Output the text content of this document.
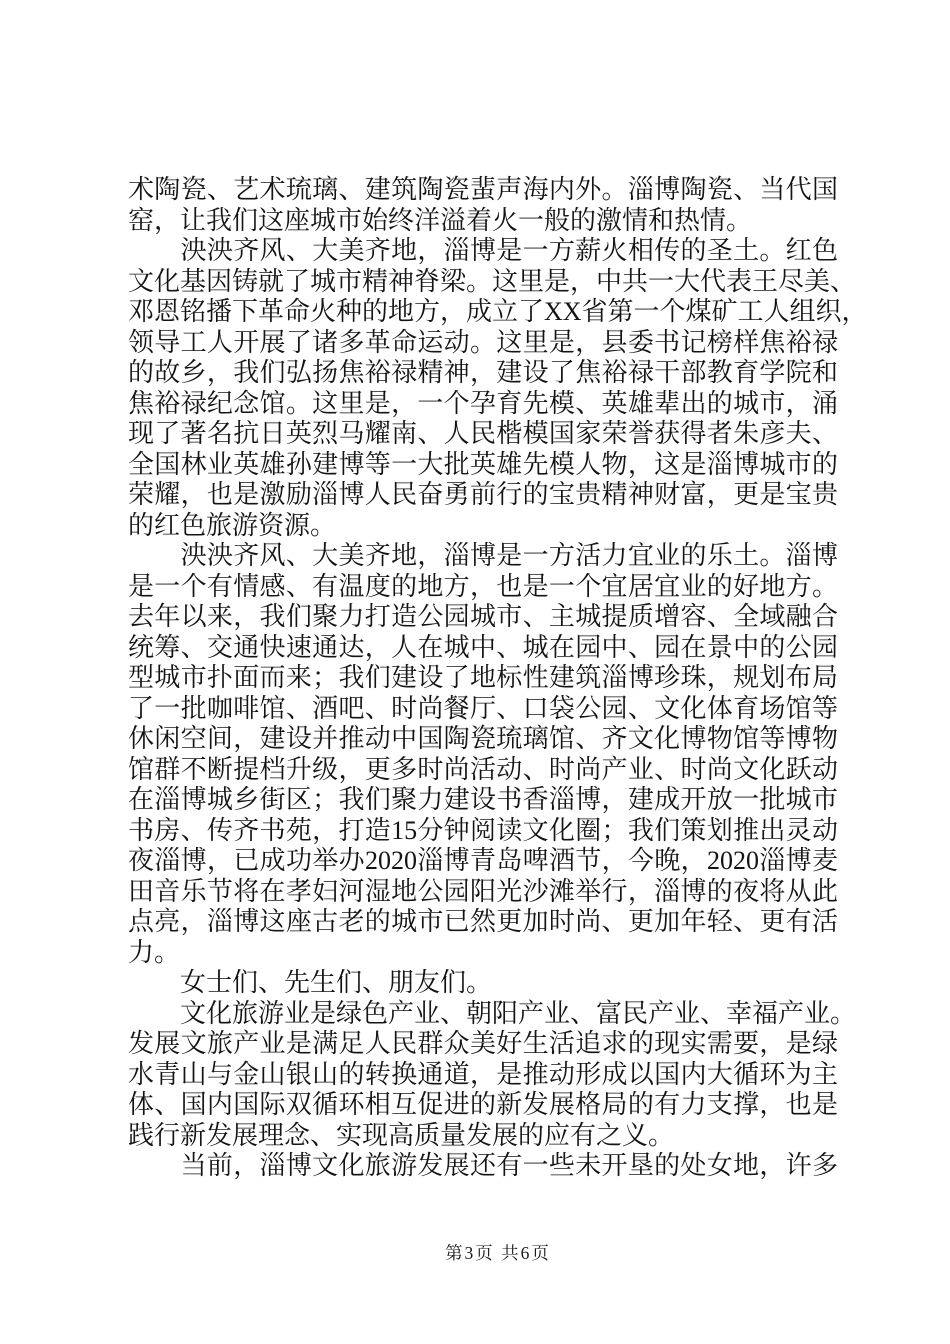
术陶瓷、艺术琉璃、建筑陶瓷蜚声海内外。淄博陶瓷、当代国
窑，让我们这座城市始终洋溢着火一般的激情和热情。
　　泱泱齐风、大美齐地，淄博是一方薪火相传的圣土。红色
文化基因铸就了城市精神脊梁。这里是，中共一大代表王尽美、
邓恩铭播下革命火种的地方，成立了XX省第一个煤矿工人组织，
领导工人开展了诸多革命运动。这里是，县委书记榜样焦裕禄
的故乡，我们弘扬焦裕禄精神，建设了焦裕禄干部教育学院和
焦裕禄纪念馆。这里是，一个孕育先模、英雄辈出的城市，涌
现了著名抗日英烈马耀南、人民楷模国家荣誉获得者朱彦夫、
全国林业英雄孙建博等一大批英雄先模人物，这是淄博城市的
荣耀，也是激励淄博人民奋勇前行的宝贵精神财富，更是宝贵
的红色旅游资源。
　　泱泱齐风、大美齐地，淄博是一方活力宜业的乐土。淄博
是一个有情感、有温度的地方，也是一个宜居宜业的好地方。
去年以来，我们聚力打造公园城市、主城提质增容、全域融合
统筹、交通快速通达，人在城中、城在园中、园在景中的公园
型城市扑面而来；我们建设了地标性建筑淄博珍珠，规划布局
了一批咖啡馆、酒吧、时尚餐厅、口袋公园、文化体育场馆等
休闲空间，建设并推动中国陶瓷琉璃馆、齐文化博物馆等博物
馆群不断提档升级，更多时尚活动、时尚产业、时尚文化跃动
在淄博城乡街区；我们聚力建设书香淄博，建成开放一批城市
书房、传齐书苑，打造15分钟阅读文化圈；我们策划推出灵动
夜淄博，已成功举办2020淄博青岛啤酒节，今晚，2020淄博麦
田音乐节将在孝妇河湿地公园阳光沙滩举行，淄博的夜将从此
点亮，淄博这座古老的城市已然更加时尚、更加年轻、更有活
力。
　　女士们、先生们、朋友们。
　　文化旅游业是绿色产业、朝阳产业、富民产业、幸福产业。
发展文旅产业是满足人民群众美好生活追求的现实需要，是绿
水青山与金山银山的转换通道，是推动形成以国内大循环为主
体、国内国际双循环相互促进的新发展格局的有力支撑，也是
践行新发展理念、实现高质量发展的应有之义。
　　当前，淄博文化旅游发展还有一些未开垦的处女地，许多
第3页 共6页
